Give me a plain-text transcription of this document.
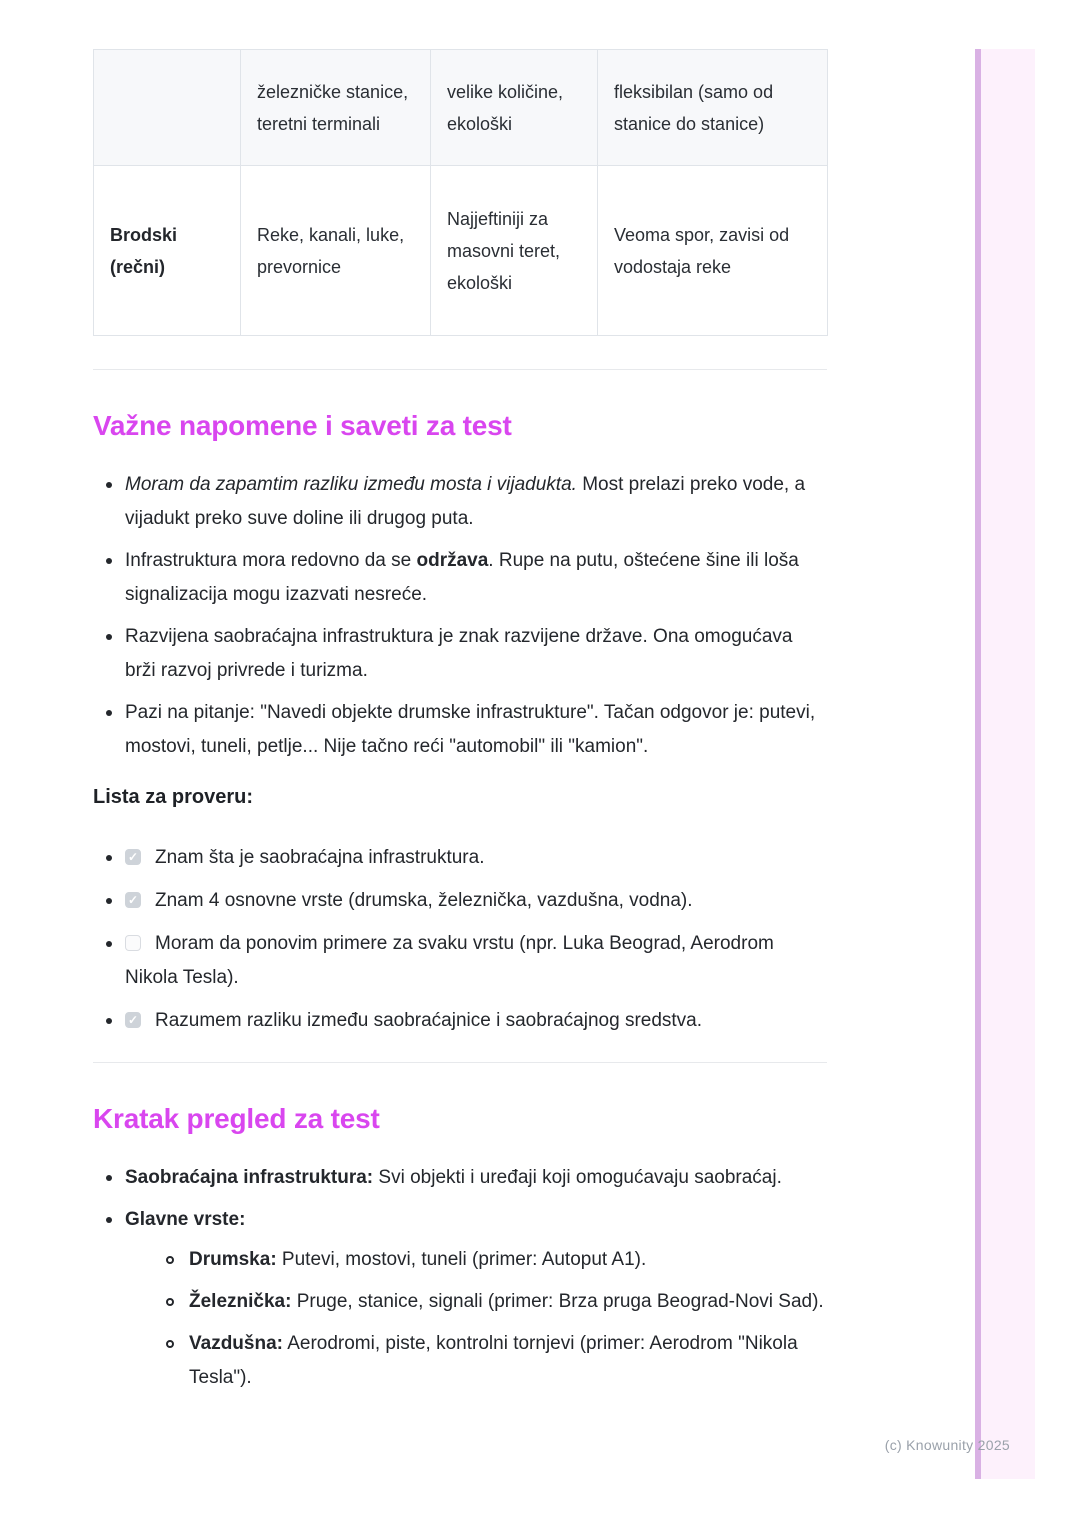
	železničke stanice, teretni terminali	velike količine, ekološki	fleksibilan (samo od stanice do stanice)
Brodski (rečni)	Reke, kanali, luke, prevornice	Najjeftiniji za masovni teret, ekološki	Veoma spor, zavisi od vodostaja reke
Važne napomene i saveti za test
Moram da zapamtim razliku između mosta i vijadukta. Most prelazi preko vode, a vijadukt preko suve doline ili drugog puta.
Infrastruktura mora redovno da se održava. Rupe na putu, oštećene šine ili loša signalizacija mogu izazvati nesreće.
Razvijena saobraćajna infrastruktura je znak razvijene države. Ona omogućava brži razvoj privrede i turizma.
Pazi na pitanje: "Navedi objekte drumske infrastrukture". Tačan odgovor je: putevi, mostovi, tuneli, petlje... Nije tačno reći "automobil" ili "kamion".

Lista za proveru:

✓Znam šta je saobraćajna infrastruktura.
✓Znam 4 osnovne vrste (drumska, železnička, vazdušna, vodna).
Moram da ponovim primere za svaku vrstu (npr. Luka Beograd, Aerodrom Nikola Tesla).
✓Razumem razliku između saobraćajnice i saobraćajnog sredstva.
Kratak pregled za test
Saobraćajna infrastruktura: Svi objekti i uređaji koji omogućavaju saobraćaj.
Glavne vrste:
Drumska: Putevi, mostovi, tuneli (primer: Autoput A1).
Železnička: Pruge, stanice, signali (primer: Brza pruga Beograd-Novi Sad).
Vazdušna: Aerodromi, piste, kontrolni tornjevi (primer: Aerodrom "Nikola Tesla").
(c) Knowunity 2025
